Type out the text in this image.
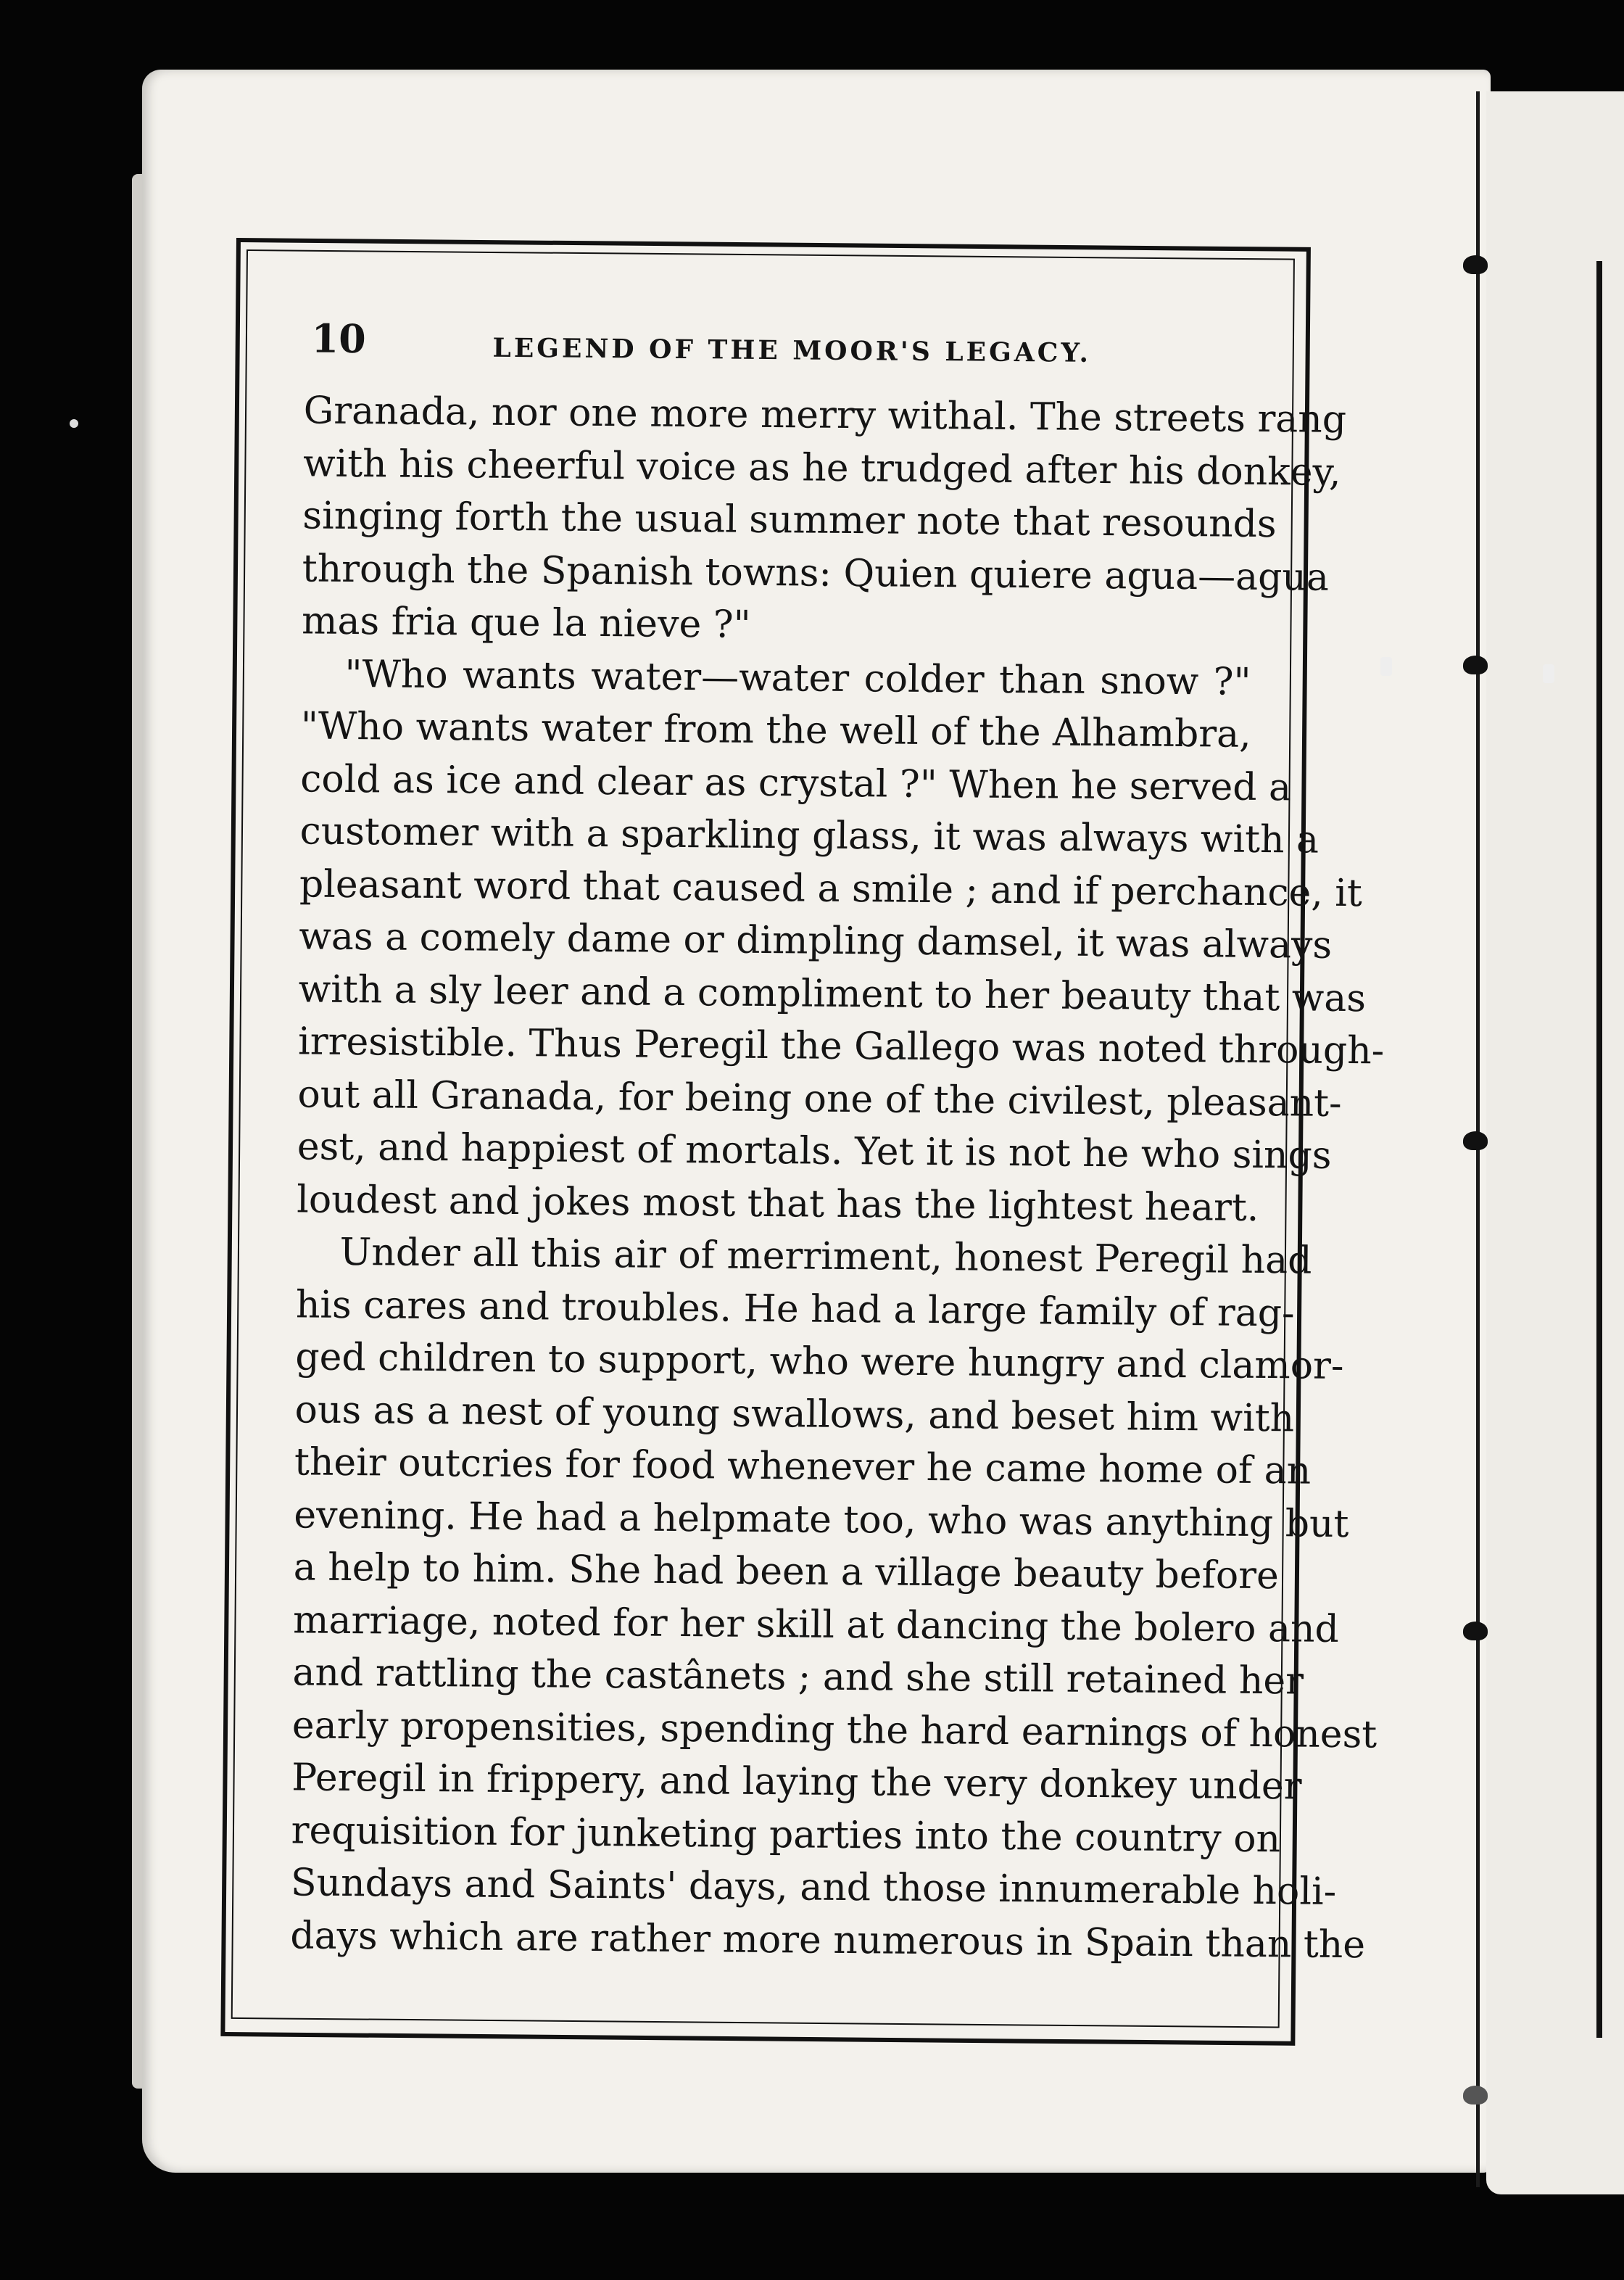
10	LEGEND OF THE MOOR'S LEGACY.
Granada, nor one more merry withal. The streets rang
with his cheerful voice as he trudged after his donkey,
singing forth the usual summer note that resounds
through the Spanish towns: Quien quiere agua—agua
mas fria que la nieve ?"
"Who wants water—water colder than snow ?"
"Who wants water from the well of the Alhambra,
cold as ice and clear as crystal ?" When he served a
customer with a sparkling glass, it was always with a
pleasant word that caused a smile ; and if perchance, it
was a comely dame or dimpling damsel, it was always
with a sly leer and a compliment to her beauty that was
irresistible. Thus Peregil the Gallego was noted through-
out all Granada, for being one of the civilest, pleasant-
est, and happiest of mortals. Yet it is not he who sings
loudest and jokes most that has the lightest heart.
Under all this air of merriment, honest Peregil had
his cares and troubles. He had a large family of rag-
ged children to support, who were hungry and clamor-
ous as a nest of young swallows, and beset him with
their outcries for food whenever he came home of an
evening. He had a helpmate too, who was anything but
a help to him. She had been a village beauty before
marriage, noted for her skill at dancing the bolero and
and rattling the castânets ; and she still retained her
early propensities, spending the hard earnings of honest
Peregil in frippery, and laying the very donkey under
requisition for junketing parties into the country on
Sundays and Saints' days, and those innumerable holi-
days which are rather more numerous in Spain than the
